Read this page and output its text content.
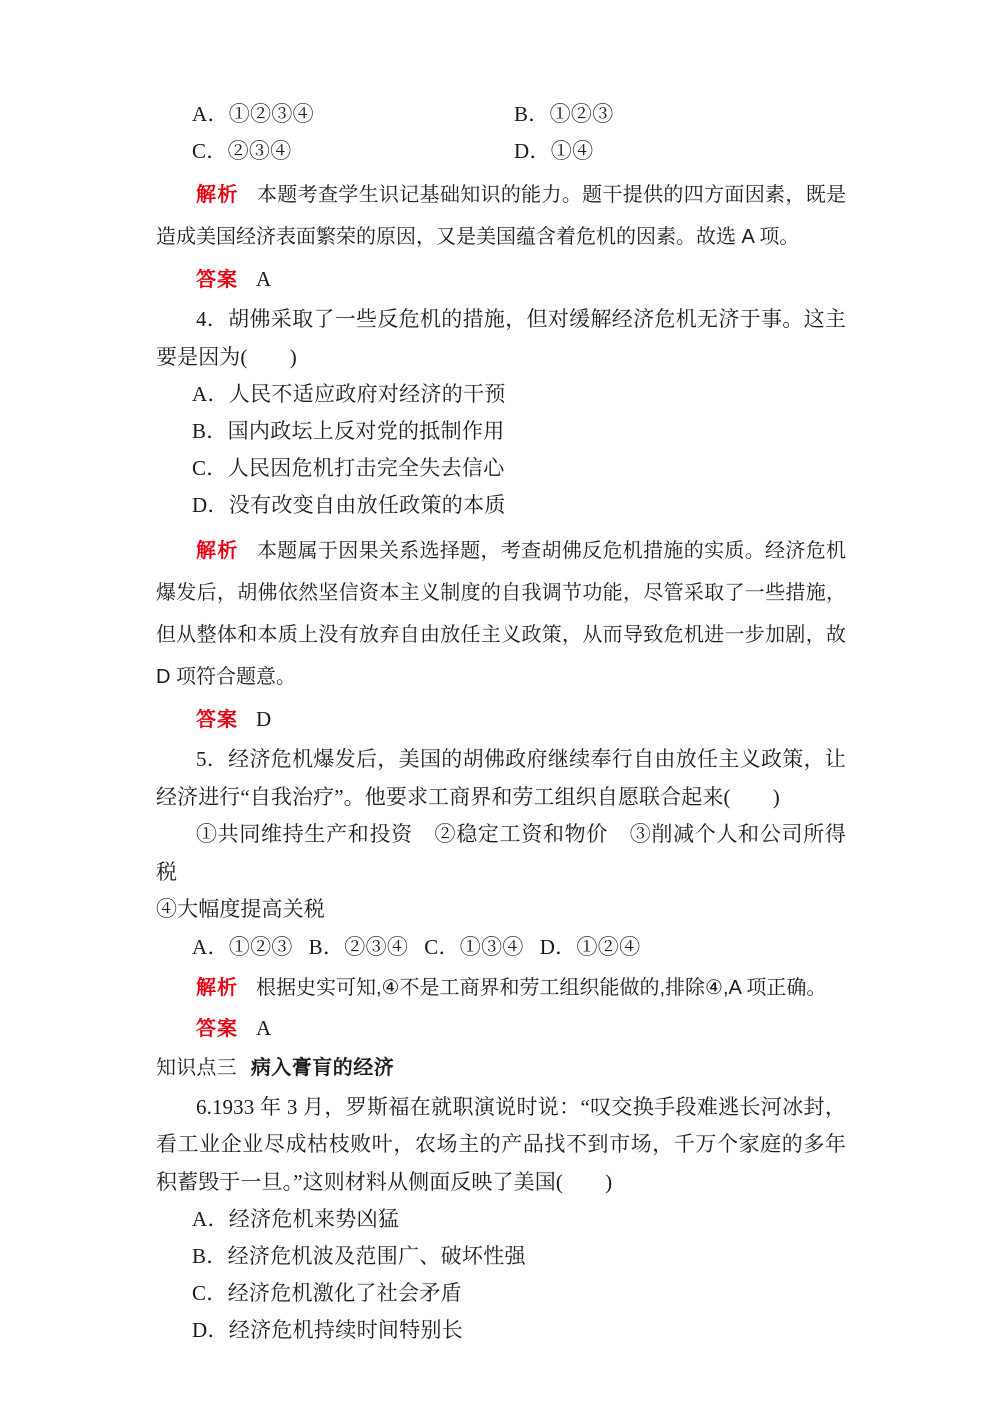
A．①②③④	B．①②③
C．②③④	D．①④

解析 本题考查学生识记基础知识的能力。题干提供的四方面因素，既是造成美国经济表面繁荣的原因，又是美国蕴含着危机的因素。故选 A 项。

答案 A

4．胡佛采取了一些反危机的措施，但对缓解经济危机无济于事。这主要是因为(　　)

A．人民不适应政府对经济的干预
B．国内政坛上反对党的抵制作用
C．人民因危机打击完全失去信心
D．没有改变自由放任政策的本质

解析 本题属于因果关系选择题，考查胡佛反危机措施的实质。经济危机爆发后，胡佛依然坚信资本主义制度的自我调节功能，尽管采取了一些措施，但从整体和本质上没有放弃自由放任主义政策，从而导致危机进一步加剧，故 D 项符合题意。

答案 D

5．经济危机爆发后，美国的胡佛政府继续奉行自由放任主义政策，让经济进行“自我治疗”。他要求工商界和劳工组织自愿联合起来(　　)

①共同维持生产和投资　②稳定工资和物价　③削减个人和公司所得税

④大幅度提高关税

A．①②③ B．②③④ C．①③④ D．①②④

解析 根据史实可知,④不是工商界和劳工组织能做的,排除④,A 项正确。

答案 A

知识点三 病入膏肓的经济

6.1933 年 3 月，罗斯福在就职演说时说：“叹交换手段难逃长河冰封，看工业企业尽成枯枝败叶，农场主的产品找不到市场，千万个家庭的多年积蓄毁于一旦。”这则材料从侧面反映了美国(　　)

A．经济危机来势凶猛
B．经济危机波及范围广、破坏性强
C．经济危机激化了社会矛盾
D．经济危机持续时间特别长
